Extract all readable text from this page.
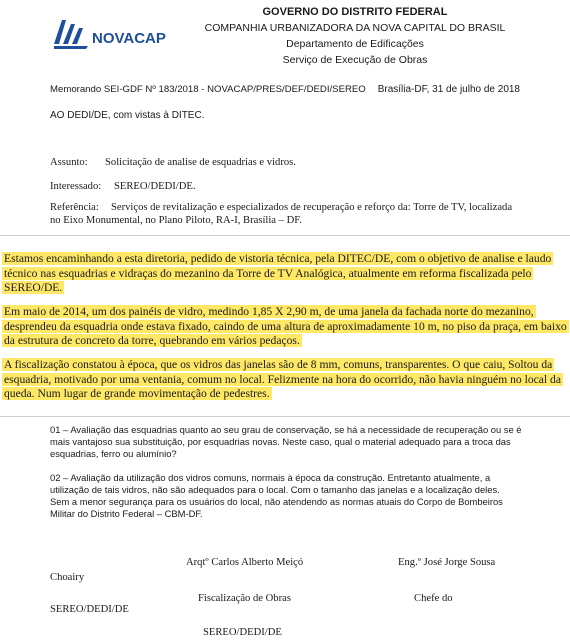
NOVACAP
GOVERNO DO DISTRITO FEDERAL
COMPANHIA URBANIZADORA DA NOVA CAPITAL DO BRASIL
Departamento de Edificações
Serviço de Execução de Obras
Memorando SEI-GDF Nº 183/2018 - NOVACAP/PRES/DEF/DEDI/SEREO Brasília-DF, 31 de julho de 2018
AO DEDI/DE, com vistas à DITEC.
Assunto: Solicitação de analise de esquadrias e vidros.
Interessado: SEREO/DEDI/DE.
Referência: Serviços de revitalização e especializados de recuperação e reforço da: Torre de TV, localizada
no Eixo Monumental, no Plano Piloto, RA-I, Brasília – DF.

Estamos encaminhando a esta diretoria, pedido de vistoria técnica, pela DITEC/DE, com o objetivo de analise e laudo técnico nas esquadrias e vidraças do mezanino da Torre de TV Analógica, atualmente em reforma fiscalizada pelo SEREO/DE.

Em maio de 2014, um dos painéis de vidro, medindo 1,85 X 2,90 m, de uma janela da fachada norte do mezanino, desprendeu da esquadria onde estava fixado, caindo de uma altura de aproximadamente 10 m, no piso da praça, em baixo da estrutura de concreto da torre, quebrando em vários pedaços.

A fiscalização constatou à época, que os vidros das janelas são de 8 mm, comuns, transparentes. O que caiu, Soltou da esquadria, motivado por uma ventania, comum no local. Felizmente na hora do ocorrido, não havia ninguém no local da queda. Num lugar de grande movimentação de pedestres.

01 – Avaliação das esquadrias quanto ao seu grau de conservação, se há a necessidade de recuperação ou se é
mais vantajoso sua substituição, por esquadrias novas. Neste caso, qual o material adequado para a troca das
esquadrias, ferro ou alumínio?
02 – Avaliação da utilização dos vidros comuns, normais à época da construção. Entretanto atualmente, a
utilização de tais vidros, não são adequados para o local. Com o tamanho das janelas e a localização deles.
Sem a menor segurança para os usuários do local, não atendendo as normas atuais do Corpo de Bombeiros
Militar do Distrito Federal – CBM-DF.
Arqtº Carlos Alberto Meiçó	Eng.º José Jorge Sousa
Choairy
Fiscalização de Obras	Chefe do
SEREO/DEDI/DE
SEREO/DEDI/DE
